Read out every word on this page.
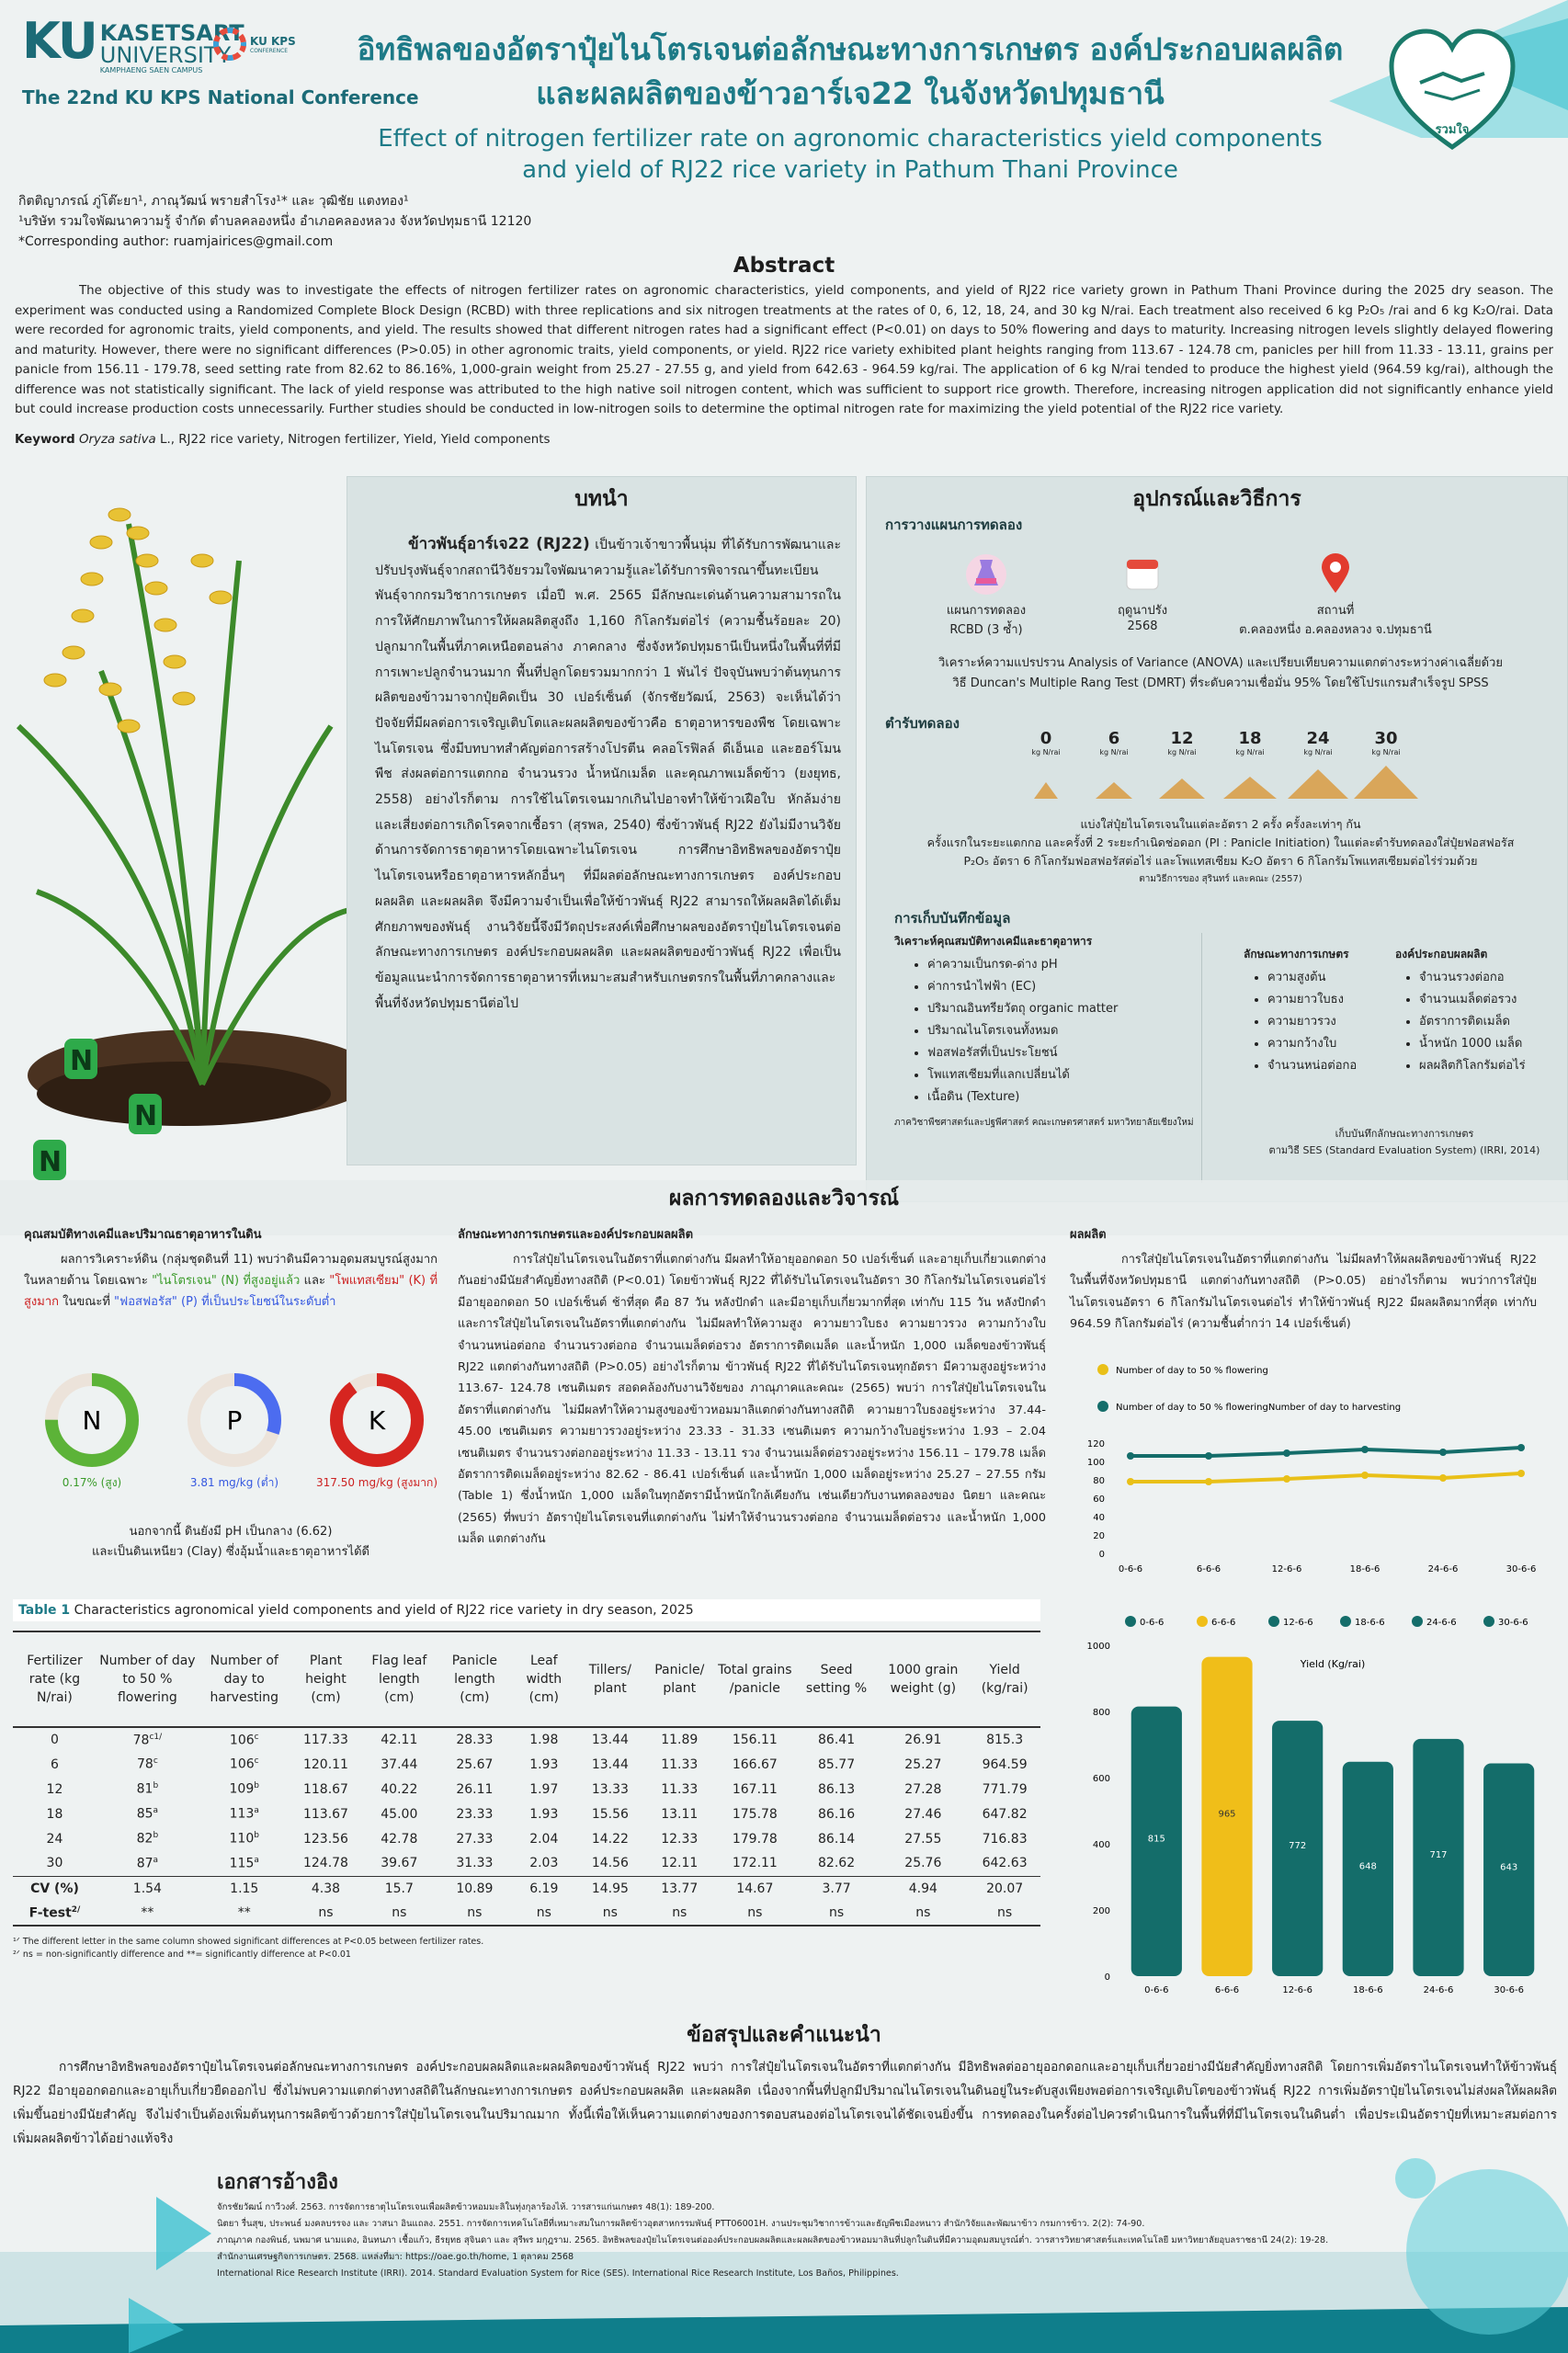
KU KASETSART
UNIVERSITY
KAMPHAENG SAEN CAMPUS
KU KPS
CONFERENCE
The 22nd KU KPS National Conference
อิทธิพลของอัตราปุ๋ยไนโตรเจนต่อลักษณะทางการเกษตร องค์ประกอบผลผลิต
และผลผลิตของข้าวอาร์เจ22 ในจังหวัดปทุมธานี
Effect of nitrogen fertilizer rate on agronomic characteristics yield components
and yield of RJ22 rice variety in Pathum Thani Province
รวมใจ
กิตติญาภรณ์ ภู่โต๊ะยา¹, ภาณุวัฒน์ พรายสำโรง¹* และ วุฒิชัย แตงทอง¹
¹บริษัท รวมใจพัฒนาความรู้ จำกัด ตำบลคลองหนึ่ง อำเภอคลองหลวง จังหวัดปทุมธานี 12120
*Corresponding author: ruamjairices@gmail.com
Abstract
The objective of this study was to investigate the effects of nitrogen fertilizer rates on agronomic characteristics, yield components, and yield of RJ22 rice variety grown in Pathum Thani Province during the 2025 dry season. The experiment was conducted using a Randomized Complete Block Design (RCBD) with three replications and six nitrogen treatments at the rates of 0, 6, 12, 18, 24, and 30 kg N/rai. Each treatment also received 6 kg P₂O₅ /rai and 6 kg K₂O/rai. Data were recorded for agronomic traits, yield components, and yield. The results showed that different nitrogen rates had a significant effect (P<0.01) on days to 50% flowering and days to maturity. Increasing nitrogen levels slightly delayed flowering and maturity. However, there were no significant differences (P>0.05) in other agronomic traits, yield components, or yield. RJ22 rice variety exhibited plant heights ranging from 113.67 - 124.78 cm, panicles per hill from 11.33 - 13.11, grains per panicle from 156.11 - 179.78, seed setting rate from 82.62 to 86.16%, 1,000-grain weight from 25.27 - 27.55 g, and yield from 642.63 - 964.59 kg/rai. The application of 6 kg N/rai tended to produce the highest yield (964.59 kg/rai), although the difference was not statistically significant. The lack of yield response was attributed to the high native soil nitrogen content, which was sufficient to support rice growth. Therefore, increasing nitrogen application did not significantly enhance yield but could increase production costs unnecessarily. Further studies should be conducted in low-nitrogen soils to determine the optimal nitrogen rate for maximizing the yield potential of the RJ22 rice variety.
Keyword Oryza sativa L., RJ22 rice variety, Nitrogen fertilizer, Yield, Yield components
N
N
N
บทนำ
ข้าวพันธุ์อาร์เจ22 (RJ22) เป็นข้าวเจ้าขาวพื้นนุ่ม ที่ได้รับการพัฒนาและปรับปรุงพันธุ์จากสถานีวิจัยรวมใจพัฒนาความรู้และได้รับการพิจารณาขึ้นทะเบียนพันธุ์จากกรมวิชาการเกษตร เมื่อปี พ.ศ. 2565 มีลักษณะเด่นด้านความสามารถในการให้ศักยภาพในการให้ผลผลิตสูงถึง 1,160 กิโลกรัมต่อไร่ (ความชื้นร้อยละ 20) ปลูกมากในพื้นที่ภาคเหนือตอนล่าง ภาคกลาง ซึ่งจังหวัดปทุมธานีเป็นหนึ่งในพื้นที่ที่มีการเพาะปลูกจำนวนมาก พื้นที่ปลูกโดยรวมมากกว่า 1 พันไร่ ปัจจุบันพบว่าต้นทุนการผลิตของข้าวมาจากปุ๋ยคิดเป็น 30 เปอร์เซ็นต์ (จักรชัยวัฒน์, 2563) จะเห็นได้ว่า ปัจจัยที่มีผลต่อการเจริญเติบโตและผลผลิตของข้าวคือ ธาตุอาหารของพืช โดยเฉพาะไนโตรเจน ซึ่งมีบทบาทสำคัญต่อการสร้างโปรตีน คลอโรฟิลล์ ดีเอ็นเอ และฮอร์โมนพืช ส่งผลต่อการแตกกอ จำนวนรวง น้ำหนักเมล็ด และคุณภาพเมล็ดข้าว (ยงยุทธ, 2558) อย่างไรก็ตาม การใช้ไนโตรเจนมากเกินไปอาจทำให้ข้าวเฝือใบ หักล้มง่าย และเสี่ยงต่อการเกิดโรคจากเชื้อรา (สุรพล, 2540) ซึ่งข้าวพันธุ์ RJ22 ยังไม่มีงานวิจัยด้านการจัดการธาตุอาหารโดยเฉพาะไนโตรเจน การศึกษาอิทธิพลของอัตราปุ๋ยไนโตรเจนหรือธาตุอาหารหลักอื่นๆ ที่มีผลต่อลักษณะทางการเกษตร องค์ประกอบผลผลิต และผลผลิต จึงมีความจำเป็นเพื่อให้ข้าวพันธุ์ RJ22 สามารถให้ผลผลิตได้เต็มศักยภาพของพันธุ์ งานวิจัยนี้จึงมีวัตถุประสงค์เพื่อศึกษาผลของอัตราปุ๋ยไนโตรเจนต่อลักษณะทางการเกษตร องค์ประกอบผลผลิต และผลผลิตของข้าวพันธุ์ RJ22 เพื่อเป็นข้อมูลแนะนำการจัดการธาตุอาหารที่เหมาะสมสำหรับเกษตรกรในพื้นที่ภาคกลางและพื้นที่จังหวัดปทุมธานีต่อไป
อุปกรณ์และวิธีการ
การวางแผนการทดลอง
แผนการทดลอง
RCBD (3 ซ้ำ)
ฤดูนาปรัง
2568
สถานที่
ต.คลองหนึ่ง อ.คลองหลวง จ.ปทุมธานี
วิเคราะห์ความแปรปรวน Analysis of Variance (ANOVA) และเปรียบเทียบความแตกต่างระหว่างค่าเฉลี่ยด้วย
วิธี Duncan's Multiple Rang Test (DMRT) ที่ระดับความเชื่อมั่น 95% โดยใช้โปรแกรมสำเร็จรูป SPSS
ตำรับทดลอง
0
kg N/rai
6
kg N/rai
12
kg N/rai
18
kg N/rai
24
kg N/rai
30
kg N/rai
แบ่งใส่ปุ๋ยไนโตรเจนในแต่ละอัตรา 2 ครั้ง ครั้งละเท่าๆ กัน
ครั้งแรกในระยะแตกกอ และครั้งที่ 2 ระยะกำเนิดช่อดอก (PI : Panicle Initiation) ในแต่ละตำรับทดลองใส่ปุ๋ยฟอสฟอรัส
P₂O₅ อัตรา 6 กิโลกรัมฟอสฟอรัสต่อไร่ และโพแทสเซียม K₂O อัตรา 6 กิโลกรัมโพแทสเซียมต่อไร่ร่วมด้วย
ตามวิธีการของ สุรินทร์ และคณะ (2557)
การเก็บบันทึกข้อมูล
วิเคราะห์คุณสมบัติทางเคมีและธาตุอาหาร
• ค่าความเป็นกรด-ด่าง pH
• ค่าการนำไฟฟ้า (EC)
• ปริมาณอินทรียวัตถุ organic matter
• ปริมาณไนโตรเจนทั้งหมด
• ฟอสฟอรัสที่เป็นประโยชน์
• โพแทสเซียมที่แลกเปลี่ยนได้
• เนื้อดิน (Texture)
ภาควิชาพืชศาสตร์และปฐพีศาสตร์ คณะเกษตรศาสตร์ มหาวิทยาลัยเชียงใหม่
ลักษณะทางการเกษตร
• ความสูงต้น
• ความยาวใบธง
• ความยาวรวง
• ความกว้างใบ
• จำนวนหน่อต่อกอ
องค์ประกอบผลผลิต
• จำนวนรวงต่อกอ
• จำนวนเมล็ดต่อรวง
• อัตราการติดเมล็ด
• น้ำหนัก 1000 เมล็ด
• ผลผลิตกิโลกรัมต่อไร่
เก็บบันทึกลักษณะทางการเกษตร
ตามวิธี SES (Standard Evaluation System) (IRRI, 2014)
ผลการทดลองและวิจารณ์
คุณสมบัติทางเคมีและปริมาณธาตุอาหารในดิน
ผลการวิเคราะห์ดิน (กลุ่มชุดดินที่ 11) พบว่าดินมีความอุดมสมบูรณ์สูงมากในหลายด้าน โดยเฉพาะ "ไนโตรเจน" (N) ที่สูงอยู่แล้ว และ "โพแทสเซียม" (K) ที่สูงมาก ในขณะที่ "ฟอสฟอรัส" (P) ที่เป็นประโยชน์ในระดับต่ำ
N
0.17% (สูง)
P
3.81 mg/kg (ต่ำ)
K
317.50 mg/kg (สูงมาก)
นอกจากนี้ ดินยังมี pH เป็นกลาง (6.62)
และเป็นดินเหนียว (Clay) ซึ่งอุ้มน้ำและธาตุอาหารได้ดี
ลักษณะทางการเกษตรและองค์ประกอบผลผลิต
การใส่ปุ๋ยไนโตรเจนในอัตราที่แตกต่างกัน มีผลทำให้อายุออกดอก 50 เปอร์เซ็นต์ และอายุเก็บเกี่ยวแตกต่างกันอย่างมีนัยสำคัญยิ่งทางสถิติ (P<0.01) โดยข้าวพันธุ์ RJ22 ที่ได้รับไนโตรเจนในอัตรา 30 กิโลกรัมไนโตรเจนต่อไร่ มีอายุออกดอก 50 เปอร์เซ็นต์ ช้าที่สุด คือ 87 วัน หลังปักดำ และมีอายุเก็บเกี่ยวมากที่สุด เท่ากับ 115 วัน หลังปักดำ และการใส่ปุ๋ยไนโตรเจนในอัตราที่แตกต่างกัน ไม่มีผลทำให้ความสูง ความยาวใบธง ความยาวรวง ความกว้างใบ จำนวนหน่อต่อกอ จำนวนรวงต่อกอ จำนวนเมล็ดต่อรวง อัตราการติดเมล็ด และน้ำหนัก 1,000 เมล็ดของข้าวพันธุ์ RJ22 แตกต่างกันทางสถิติ (P>0.05) อย่างไรก็ตาม ข้าวพันธุ์ RJ22 ที่ได้รับไนโตรเจนทุกอัตรา มีความสูงอยู่ระหว่าง 113.67- 124.78 เซนติเมตร สอดคล้องกับงานวิจัยของ ภาณุภาคและคณะ (2565) พบว่า การใส่ปุ๋ยไนโตรเจนในอัตราที่แตกต่างกัน ไม่มีผลทำให้ความสูงของข้าวหอมมาลิแตกต่างกันทางสถิติ ความยาวใบธงอยู่ระหว่าง 37.44-45.00 เซนติเมตร ความยาวรวงอยู่ระหว่าง 23.33 - 31.33 เซนติเมตร ความกว้างใบอยู่ระหว่าง 1.93 – 2.04 เซนติเมตร จำนวนรวงต่อกออยู่ระหว่าง 11.33 - 13.11 รวง จำนวนเมล็ดต่อรวงอยู่ระหว่าง 156.11 – 179.78 เมล็ด อัตราการติดเมล็ดอยู่ระหว่าง 82.62 - 86.41 เปอร์เซ็นต์ และน้ำหนัก 1,000 เมล็ดอยู่ระหว่าง 25.27 – 27.55 กรัม (Table 1) ซึ่งน้ำหนัก 1,000 เมล็ดในทุกอัตรามีน้ำหนักใกล้เคียงกัน เช่นเดียวกับงานทดลองของ นิตยา และคณะ (2565) ที่พบว่า อัตราปุ๋ยไนโตรเจนที่แตกต่างกัน ไม่ทำให้จำนวนรวงต่อกอ จำนวนเมล็ดต่อรวง และน้ำหนัก 1,000 เมล็ด แตกต่างกัน
ผลผลิต
การใส่ปุ๋ยไนโตรเจนในอัตราที่แตกต่างกัน ไม่มีผลทำให้ผลผลิตของข้าวพันธุ์ RJ22 ในพื้นที่จังหวัดปทุมธานี แตกต่างกันทางสถิติ (P>0.05) อย่างไรก็ตาม พบว่าการใส่ปุ๋ยไนโตรเจนอัตรา 6 กิโลกรัมไนโตรเจนต่อไร่ ทำให้ข้าวพันธุ์ RJ22 มีผลผลิตมากที่สุด เท่ากับ 964.59 กิโลกรัมต่อไร่ (ความชื้นต่ำกว่า 14 เปอร์เซ็นต์)
Number of day to 50 % flowering
Number of day to 50 % floweringNumber of day to harvesting
0
20
40
60
80
100
120
0-6-6	6-6-6	12-6-6	18-6-6	24-6-6	30-6-6
0-6-6	6-6-6	12-6-6	18-6-6	24-6-6	30-6-6
Yield (Kg/rai)
0
200
400
600
800
1000
815
0-6-6
965
6-6-6
772
12-6-6
648
18-6-6
717
24-6-6
643
30-6-6
Table 1 Characteristics agronomical yield components and yield of RJ22 rice variety in dry season, 2025
Fertilizer rate (kg N/rai)	Number of day to 50 % flowering	Number of day to harvesting	Plant height (cm)	Flag leaf length (cm)	Panicle length (cm)	Leaf width (cm)	Tillers/ plant	Panicle/ plant	Total grains /panicle	Seed setting %	1000 grain weight (g)	Yield (kg/rai)
0	$78^{c1/}$	106$^c$	117.33	42.11	28.33	1.98	13.44	11.89	156.11	86.41	26.91	815.3
6	78$^c$	106$^c$	120.11	37.44	25.67	1.93	13.44	11.33	166.67	85.77	25.27	964.59
12	81$^b$	109$^b$	118.67	40.22	26.11	1.97	13.33	11.33	167.11	86.13	27.28	771.79
18	85$^a$	113$^a$	113.67	45.00	23.33	1.93	15.56	13.11	175.78	86.16	27.46	647.82
24	82$^b$	110$^b$	123.56	42.78	27.33	2.04	14.22	12.33	179.78	86.14	27.55	716.83
30	87$^a$	115$^a$	124.78	39.67	31.33	2.03	14.56	12.11	172.11	82.62	25.76	642.63
CV (%)	1.54	1.15	4.38	15.7	10.89	6.19	14.95	13.77	14.67	3.77	4.94	20.07
F-test$^{2/}$	**	**	ns	ns	ns	ns	ns	ns	ns	ns	ns	ns
¹ᐟ The different letter in the same column showed significant differences at P<0.05 between fertilizer rates.
²ᐟ ns = non-significantly difference and **= significantly difference at P<0.01
ข้อสรุปและคำแนะนำ
การศึกษาอิทธิพลของอัตราปุ๋ยไนโตรเจนต่อลักษณะทางการเกษตร องค์ประกอบผลผลิตและผลผลิตของข้าวพันธุ์ RJ22 พบว่า การใส่ปุ๋ยไนโตรเจนในอัตราที่แตกต่างกัน มีอิทธิพลต่ออายุออกดอกและอายุเก็บเกี่ยวอย่างมีนัยสำคัญยิ่งทางสถิติ โดยการเพิ่มอัตราไนโตรเจนทำให้ข้าวพันธุ์ RJ22 มีอายุออกดอกและอายุเก็บเกี่ยวยืดออกไป ซึ่งไม่พบความแตกต่างทางสถิติในลักษณะทางการเกษตร องค์ประกอบผลผลิต และผลผลิต เนื่องจากพื้นที่ปลูกมีปริมาณไนโตรเจนในดินอยู่ในระดับสูงเพียงพอต่อการเจริญเติบโตของข้าวพันธุ์ RJ22 การเพิ่มอัตราปุ๋ยไนโตรเจนไม่ส่งผลให้ผลผลิตเพิ่มขึ้นอย่างมีนัยสำคัญ จึงไม่จำเป็นต้องเพิ่มต้นทุนการผลิตข้าวด้วยการใส่ปุ๋ยไนโตรเจนในปริมาณมาก ทั้งนี้เพื่อให้เห็นความแตกต่างของการตอบสนองต่อไนโตรเจนได้ชัดเจนยิ่งขึ้น การทดลองในครั้งต่อไปควรดำเนินการในพื้นที่ที่มีไนโตรเจนในดินต่ำ เพื่อประเมินอัตราปุ๋ยที่เหมาะสมต่อการเพิ่มผลผลิตข้าวได้อย่างแท้จริง
เอกสารอ้างอิง
จักรชัยวัฒน์ กาวีวงศ์. 2563. การจัดการธาตุไนโตรเจนเพื่อผลิตข้าวหอมมะลิในทุ่งกุลาร้องไห้. วารสารแก่นเกษตร 48(1): 189-200.
นิตยา รื่นสุข, ประพนธ์ มงคลบรรจง และ วาสนา อินแถลง. 2551. การจัดการเทคโนโลยีที่เหมาะสมในการผลิตข้าวอุตสาหกรรมพันธุ์ PTT06001H. งานประชุมวิชาการข้าวและธัญพืชเมืองหนาว สำนักวิจัยและพัฒนาข้าว กรมการข้าว. 2(2): 74-90.
ภาณุภาค กองพินธ์, นพมาศ นามแดง, อินทนภา เชื้อแก้ว, ธีรยุทธ สุจินดา และ สุรีพร มกุฎราม. 2565. อิทธิพลของปุ๋ยไนโตรเจนต่อองค์ประกอบผลผลิตและผลผลิตของข้าวหอมมาลินที่ปลูกในดินที่มีความอุดมสมบูรณ์ต่ำ. วารสารวิทยาศาสตร์และเทคโนโลยี มหาวิทยาลัยอุบลราชธานี 24(2): 19-28.
สำนักงานเศรษฐกิจการเกษตร. 2568. แหล่งที่มา: https://oae.go.th/home, 1 ตุลาคม 2568
International Rice Research Institute (IRRI). 2014. Standard Evaluation System for Rice (SES). International Rice Research Institute, Los Baños, Philippines.
